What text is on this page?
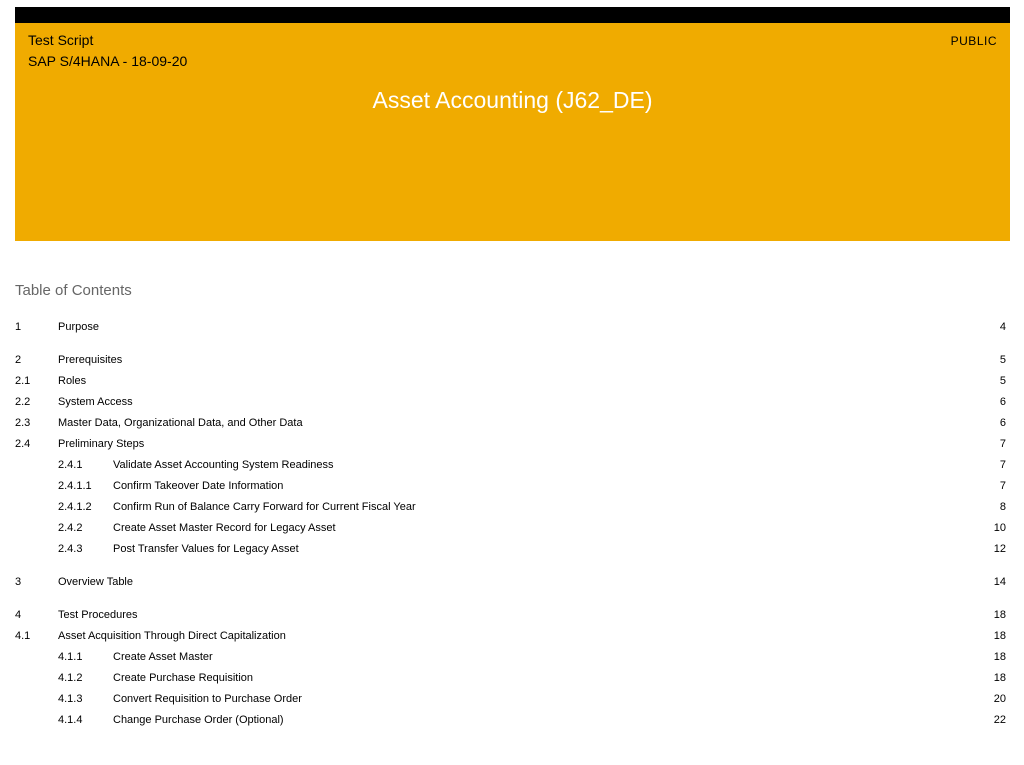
Test Script
SAP S/4HANA - 18-09-20
PUBLIC
Asset Accounting (J62_DE)
Table of Contents
1	Purpose	4
2	Prerequisites	5
2.1	Roles	5
2.2	System Access	6
2.3	Master Data, Organizational Data, and Other Data	6
2.4	Preliminary Steps	7
2.4.1	Validate Asset Accounting System Readiness	7
2.4.1.1 Confirm Takeover Date Information	7
2.4.1.2 Confirm Run of Balance Carry Forward for Current Fiscal Year	8
2.4.2	Create Asset Master Record for Legacy Asset	10
2.4.3	Post Transfer Values for Legacy Asset	12
3	Overview Table	14
4	Test Procedures	18
4.1	Asset Acquisition Through Direct Capitalization	18
4.1.1	Create Asset Master	18
4.1.2	Create Purchase Requisition	18
4.1.3	Convert Requisition to Purchase Order	20
4.1.4	Change Purchase Order (Optional)	22
